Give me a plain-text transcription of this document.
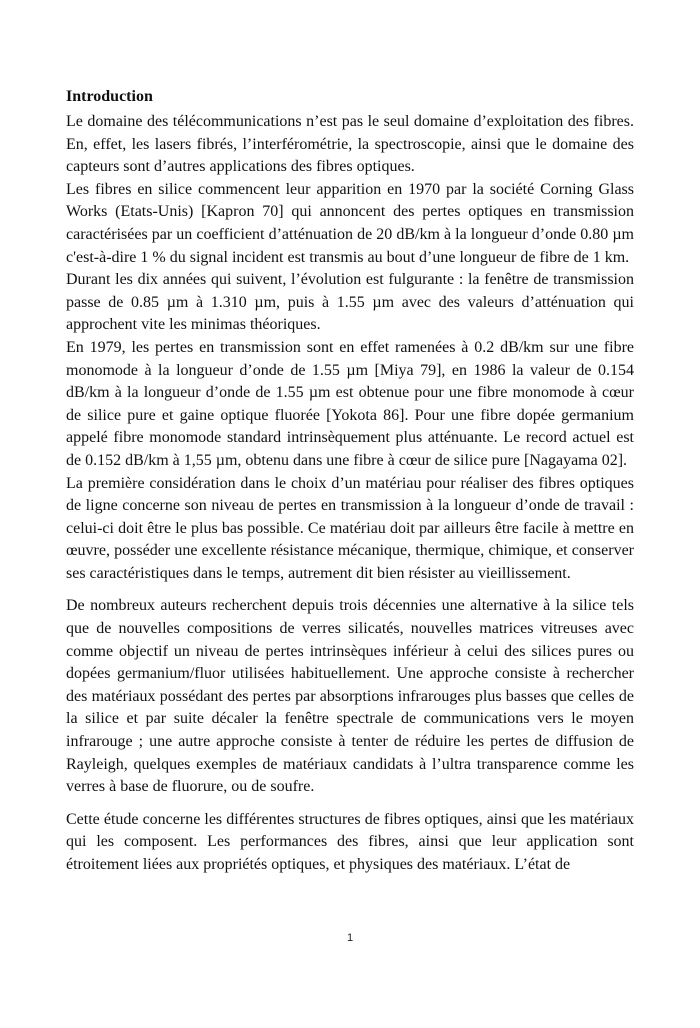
Introduction

Le domaine des télécommunications n’est pas le seul domaine d’exploitation des fibres. En, effet, les lasers fibrés, l’interférométrie, la spectroscopie, ainsi que le domaine des capteurs sont d’autres applications des fibres optiques.

Les fibres en silice commencent leur apparition en 1970 par la société Corning Glass Works (Etats-Unis) [Kapron 70] qui annoncent des pertes optiques en transmission caractérisées par un coefficient d’atténuation de 20 dB/km à la longueur d’onde 0.80 µm c'est-à-dire 1 % du signal incident est transmis au bout d’une longueur de fibre de 1 km.

Durant les dix années qui suivent, l’évolution est fulgurante : la fenêtre de transmission passe de 0.85 µm à 1.310 µm, puis à 1.55 µm avec des valeurs d’atténuation qui approchent vite les minimas théoriques.

En 1979, les pertes en transmission sont en effet ramenées à 0.2 dB/km sur une fibre monomode à la longueur d’onde de 1.55 µm [Miya 79], en 1986 la valeur de 0.154 dB/km à la longueur d’onde de 1.55 µm est obtenue pour une fibre monomode à cœur de silice pure et gaine optique fluorée [Yokota 86]. Pour une fibre dopée germanium appelé fibre monomode standard intrinsèquement plus atténuante. Le record actuel est de 0.152 dB/km à 1,55 µm, obtenu dans une fibre à cœur de silice pure [Nagayama 02].

La première considération dans le choix d’un matériau pour réaliser des fibres optiques de ligne concerne son niveau de pertes en transmission à la longueur d’onde de travail : celui-ci doit être le plus bas possible. Ce matériau doit par ailleurs être facile à mettre en œuvre, posséder une excellente résistance mécanique, thermique, chimique, et conserver ses caractéristiques dans le temps, autrement dit bien résister au vieillissement.

De nombreux auteurs recherchent depuis trois décennies une alternative à la silice tels que de nouvelles compositions de verres silicatés, nouvelles matrices vitreuses avec comme objectif un niveau de pertes intrinsèques inférieur à celui des silices pures ou dopées germanium/fluor utilisées habituellement. Une approche consiste à rechercher des matériaux possédant des pertes par absorptions infrarouges plus basses que celles de la silice et par suite décaler la fenêtre spectrale de communications vers le moyen infrarouge ; une autre approche consiste à tenter de réduire les pertes de diffusion de Rayleigh, quelques exemples de matériaux candidats à l’ultra transparence comme les verres à base de fluorure, ou de soufre.

Cette étude concerne les différentes structures de fibres optiques, ainsi que les matériaux qui les composent. Les performances des fibres, ainsi que leur application sont étroitement liées aux propriétés optiques, et physiques des matériaux. L’état de

1
